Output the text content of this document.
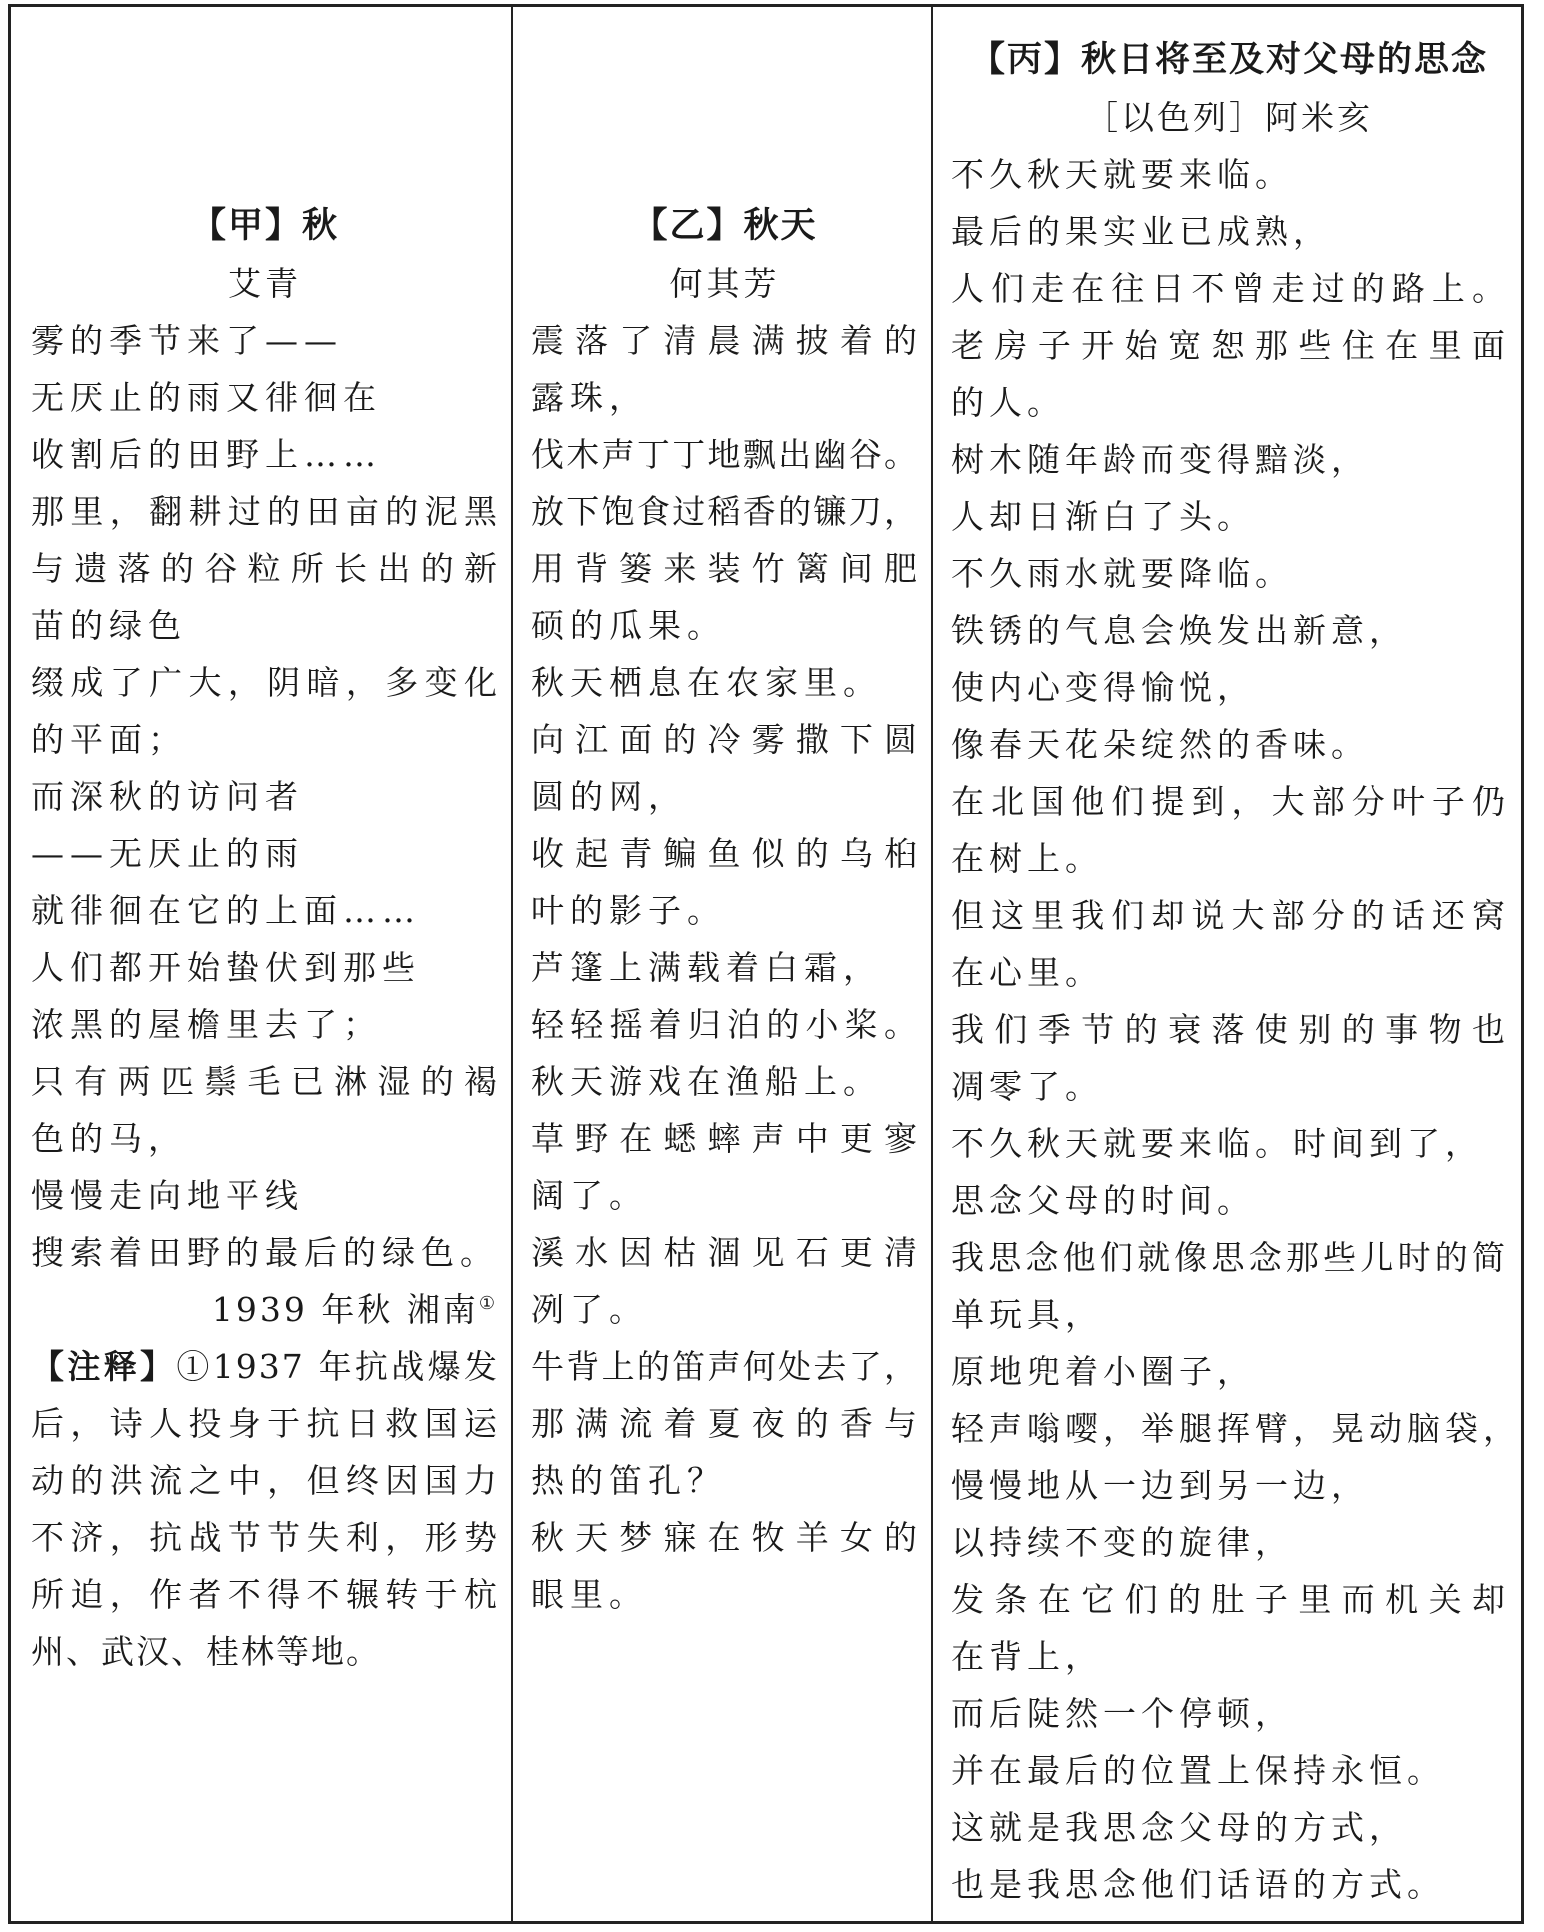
【甲】秋
艾青
雾的季节来了——
无厌止的雨又徘徊在
收割后的田野上……
那里，翻耕过的田亩的泥黑
与遗落的谷粒所长出的新
苗的绿色
缀成了广大，阴暗，多变化
的平面；
而深秋的访问者
——无厌止的雨
就徘徊在它的上面……
人们都开始蛰伏到那些
浓黑的屋檐里去了；
只有两匹鬃毛已淋湿的褐
色的马，
慢慢走向地平线
搜索着田野的最后的绿色。
1939 年秋 湘南①
【注释】①1937 年抗战爆发
后，诗人投身于抗日救国运
动的洪流之中，但终因国力
不济，抗战节节失利，形势
所迫，作者不得不辗转于杭
州、武汉、桂林等地。
【乙】秋天
何其芳
震落了清晨满披着的
露珠，
伐木声丁丁地飘出幽谷。
放下饱食过稻香的镰刀，
用背篓来装竹篱间肥
硕的瓜果。
秋天栖息在农家里。
向江面的冷雾撒下圆
圆的网，
收起青鳊鱼似的乌桕
叶的影子。
芦篷上满载着白霜，
轻轻摇着归泊的小桨。
秋天游戏在渔船上。
草野在蟋蟀声中更寥
阔了。
溪水因枯涸见石更清
冽了。
牛背上的笛声何处去了，
那满流着夏夜的香与
热的笛孔？
秋天梦寐在牧羊女的
眼里。
【丙】秋日将至及对父母的思念
［以色列］阿米亥
不久秋天就要来临。
最后的果实业已成熟，
人们走在往日不曾走过的路上。
老房子开始宽恕那些住在里面
的人。
树木随年龄而变得黯淡，
人却日渐白了头。
不久雨水就要降临。
铁锈的气息会焕发出新意，
使内心变得愉悦，
像春天花朵绽然的香味。
在北国他们提到，大部分叶子仍
在树上。
但这里我们却说大部分的话还窝
在心里。
我们季节的衰落使别的事物也
凋零了。
不久秋天就要来临。时间到了，
思念父母的时间。
我思念他们就像思念那些儿时的简
单玩具，
原地兜着小圈子，
轻声嗡嘤，举腿挥臂，晃动脑袋，
慢慢地从一边到另一边，
以持续不变的旋律，
发条在它们的肚子里而机关却
在背上，
而后陡然一个停顿，
并在最后的位置上保持永恒。
这就是我思念父母的方式，
也是我思念他们话语的方式。
